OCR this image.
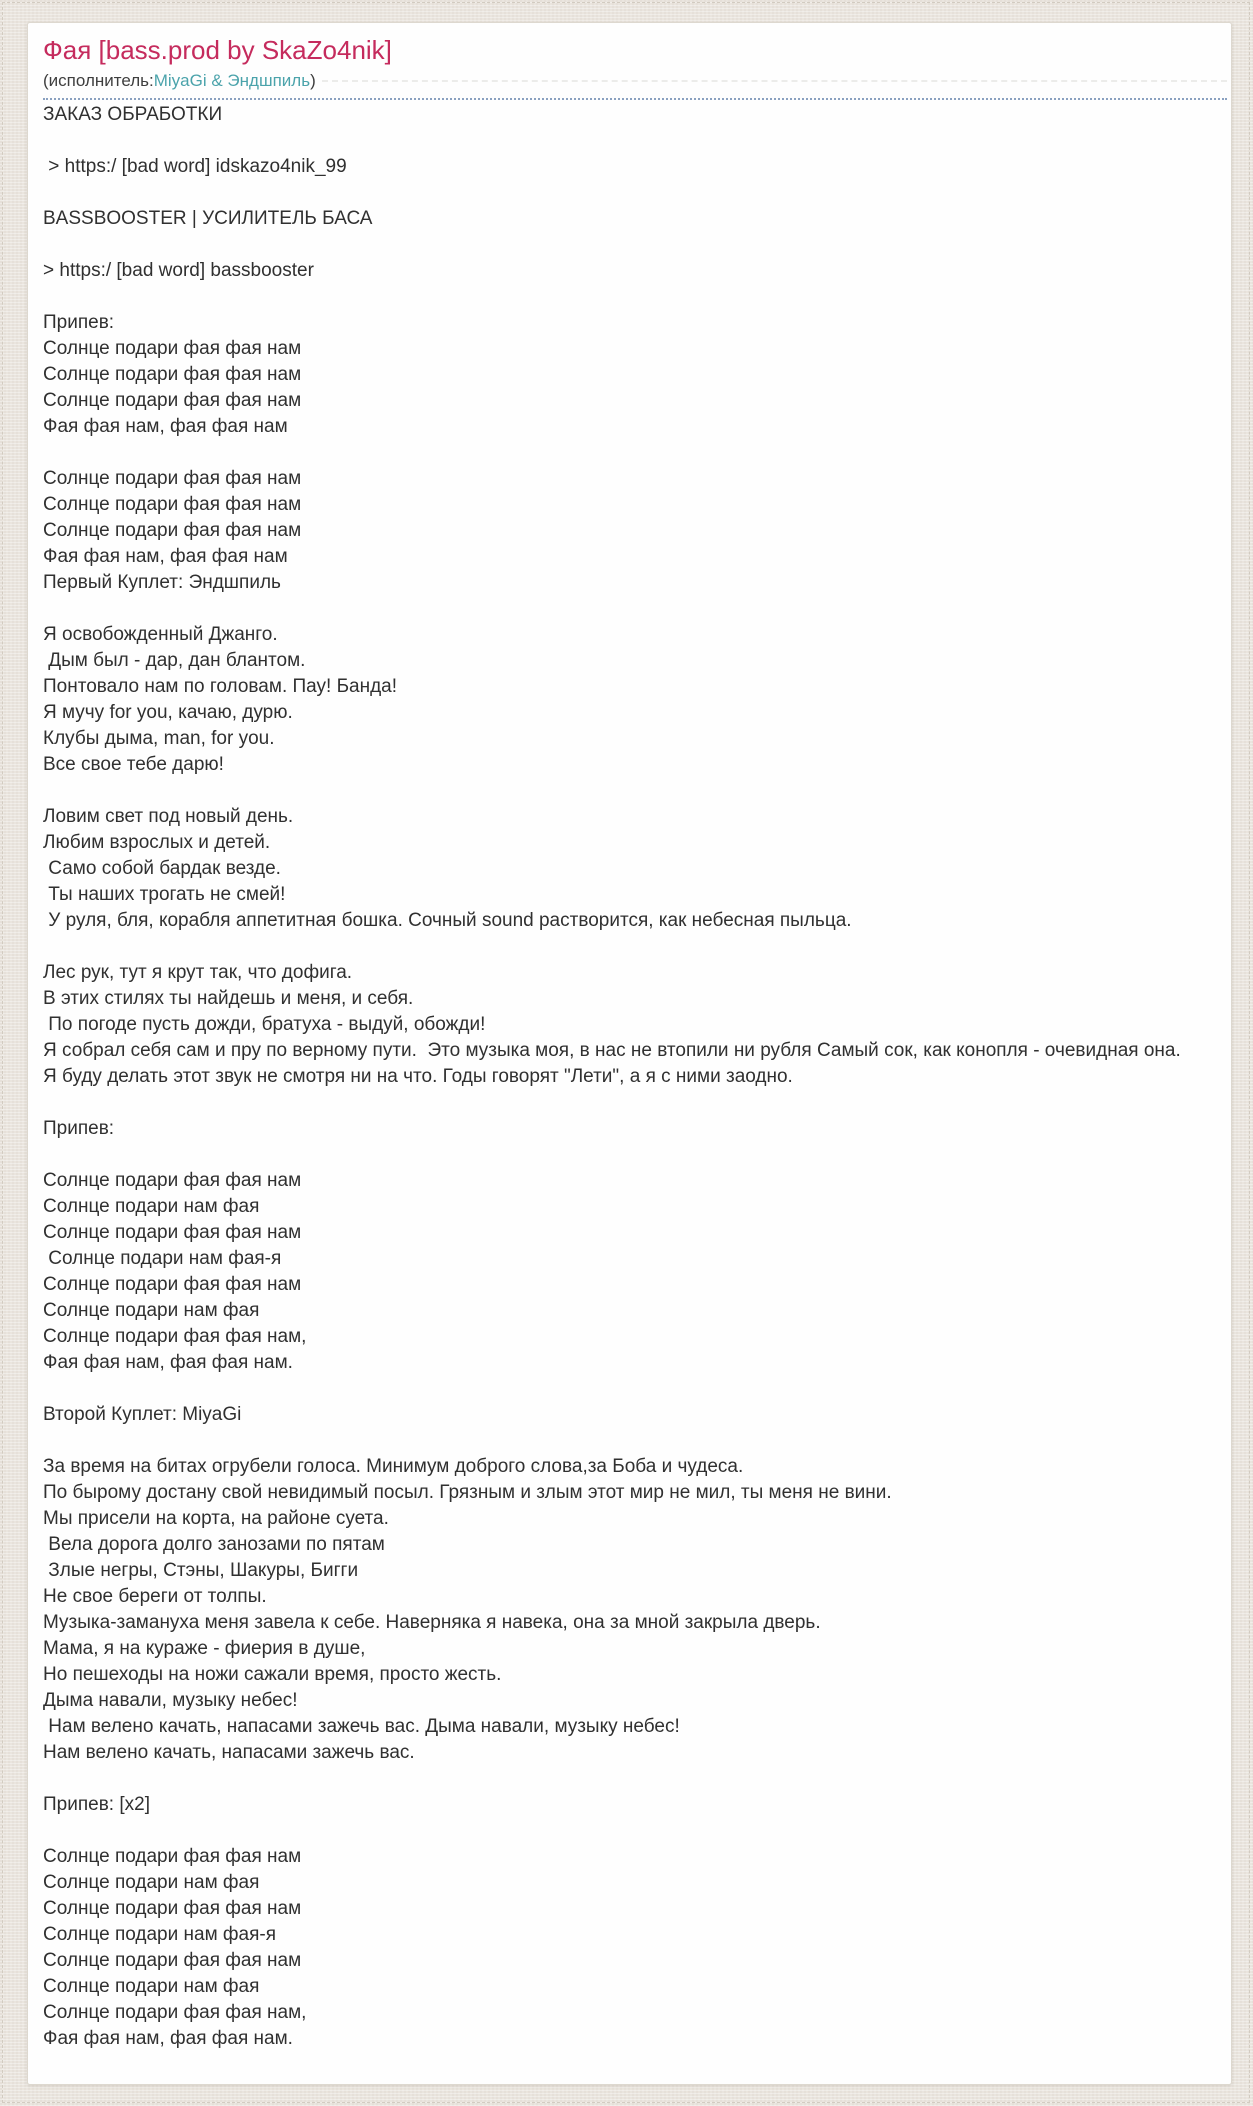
Фая [bass.prod by SkaZo4nik]
(исполнитель: MiyaGi & Эндшпиль )
ЗАКАЗ ОБРАБОТКИ
> https:/ [bad word] idskazo4nik_99
BASSBOOSTER | УСИЛИТЕЛЬ БАСА
> https:/ [bad word] bassbooster
Припев:
Солнце подари фая фая нам
Солнце подари фая фая нам
Солнце подари фая фая нам
Фая фая нам, фая фая нам
Солнце подари фая фая нам
Солнце подари фая фая нам
Солнце подари фая фая нам
Фая фая нам, фая фая нам
Первый Куплет: Эндшпиль
Я освобожденный Джанго.
Дым был - дар, дан блантом.
Понтовало нам по головам. Пау! Банда!
Я мучу for you, качаю, дурю.
Клубы дыма, man, for you.
Все свое тебе дарю!
Ловим свет под новый день.
Любим взрослых и детей.
Само собой бардак везде.
Ты наших трогать не смей!
У руля, бля, корабля аппетитная бошка. Сочный sound растворится, как небесная пыльца.
Лес рук, тут я крут так, что дофига.
В этих стилях ты найдешь и меня, и себя.
По погоде пусть дожди, братуха - выдуй, обожди!
Я собрал себя сам и пру по верному пути.  Это музыка моя, в нас не втопили ни рубля Самый сок, как конопля - очевидная она.
Я буду делать этот звук не смотря ни на что. Годы говорят "Лети", а я с ними заодно.
Припев:
Солнце подари фая фая нам
Солнце подари нам фая
Солнце подари фая фая нам
Солнце подари нам фая-я
Солнце подари фая фая нам
Солнце подари нам фая
Солнце подари фая фая нам,
Фая фая нам, фая фая нам.
Второй Куплет: MiyaGi
За время на битах огрубели голоса. Минимум доброго слова,за Боба и чудеса.
По бырому достану свой невидимый посыл. Грязным и злым этот мир не мил, ты меня не вини.
Мы присели на корта, на районе суета.
Вела дорога долго занозами по пятам
Злые негры, Стэны, Шакуры, Бигги
Не свое береги от толпы.
Музыка-замануха меня завела к себе. Наверняка я навека, она за мной закрыла дверь.
Мама, я на кураже - фиерия в душе,
Но пешеходы на ножи сажали время, просто жесть.
Дыма навали, музыку небес!
Нам велено качать, напасами зажечь вас. Дыма навали, музыку небес!
Нам велено качать, напасами зажечь вас.
Припев: [x2]
Солнце подари фая фая нам
Солнце подари нам фая
Солнце подари фая фая нам
Солнце подари нам фая-я
Солнце подари фая фая нам
Солнце подари нам фая
Солнце подари фая фая нам,
Фая фая нам, фая фая нам.
